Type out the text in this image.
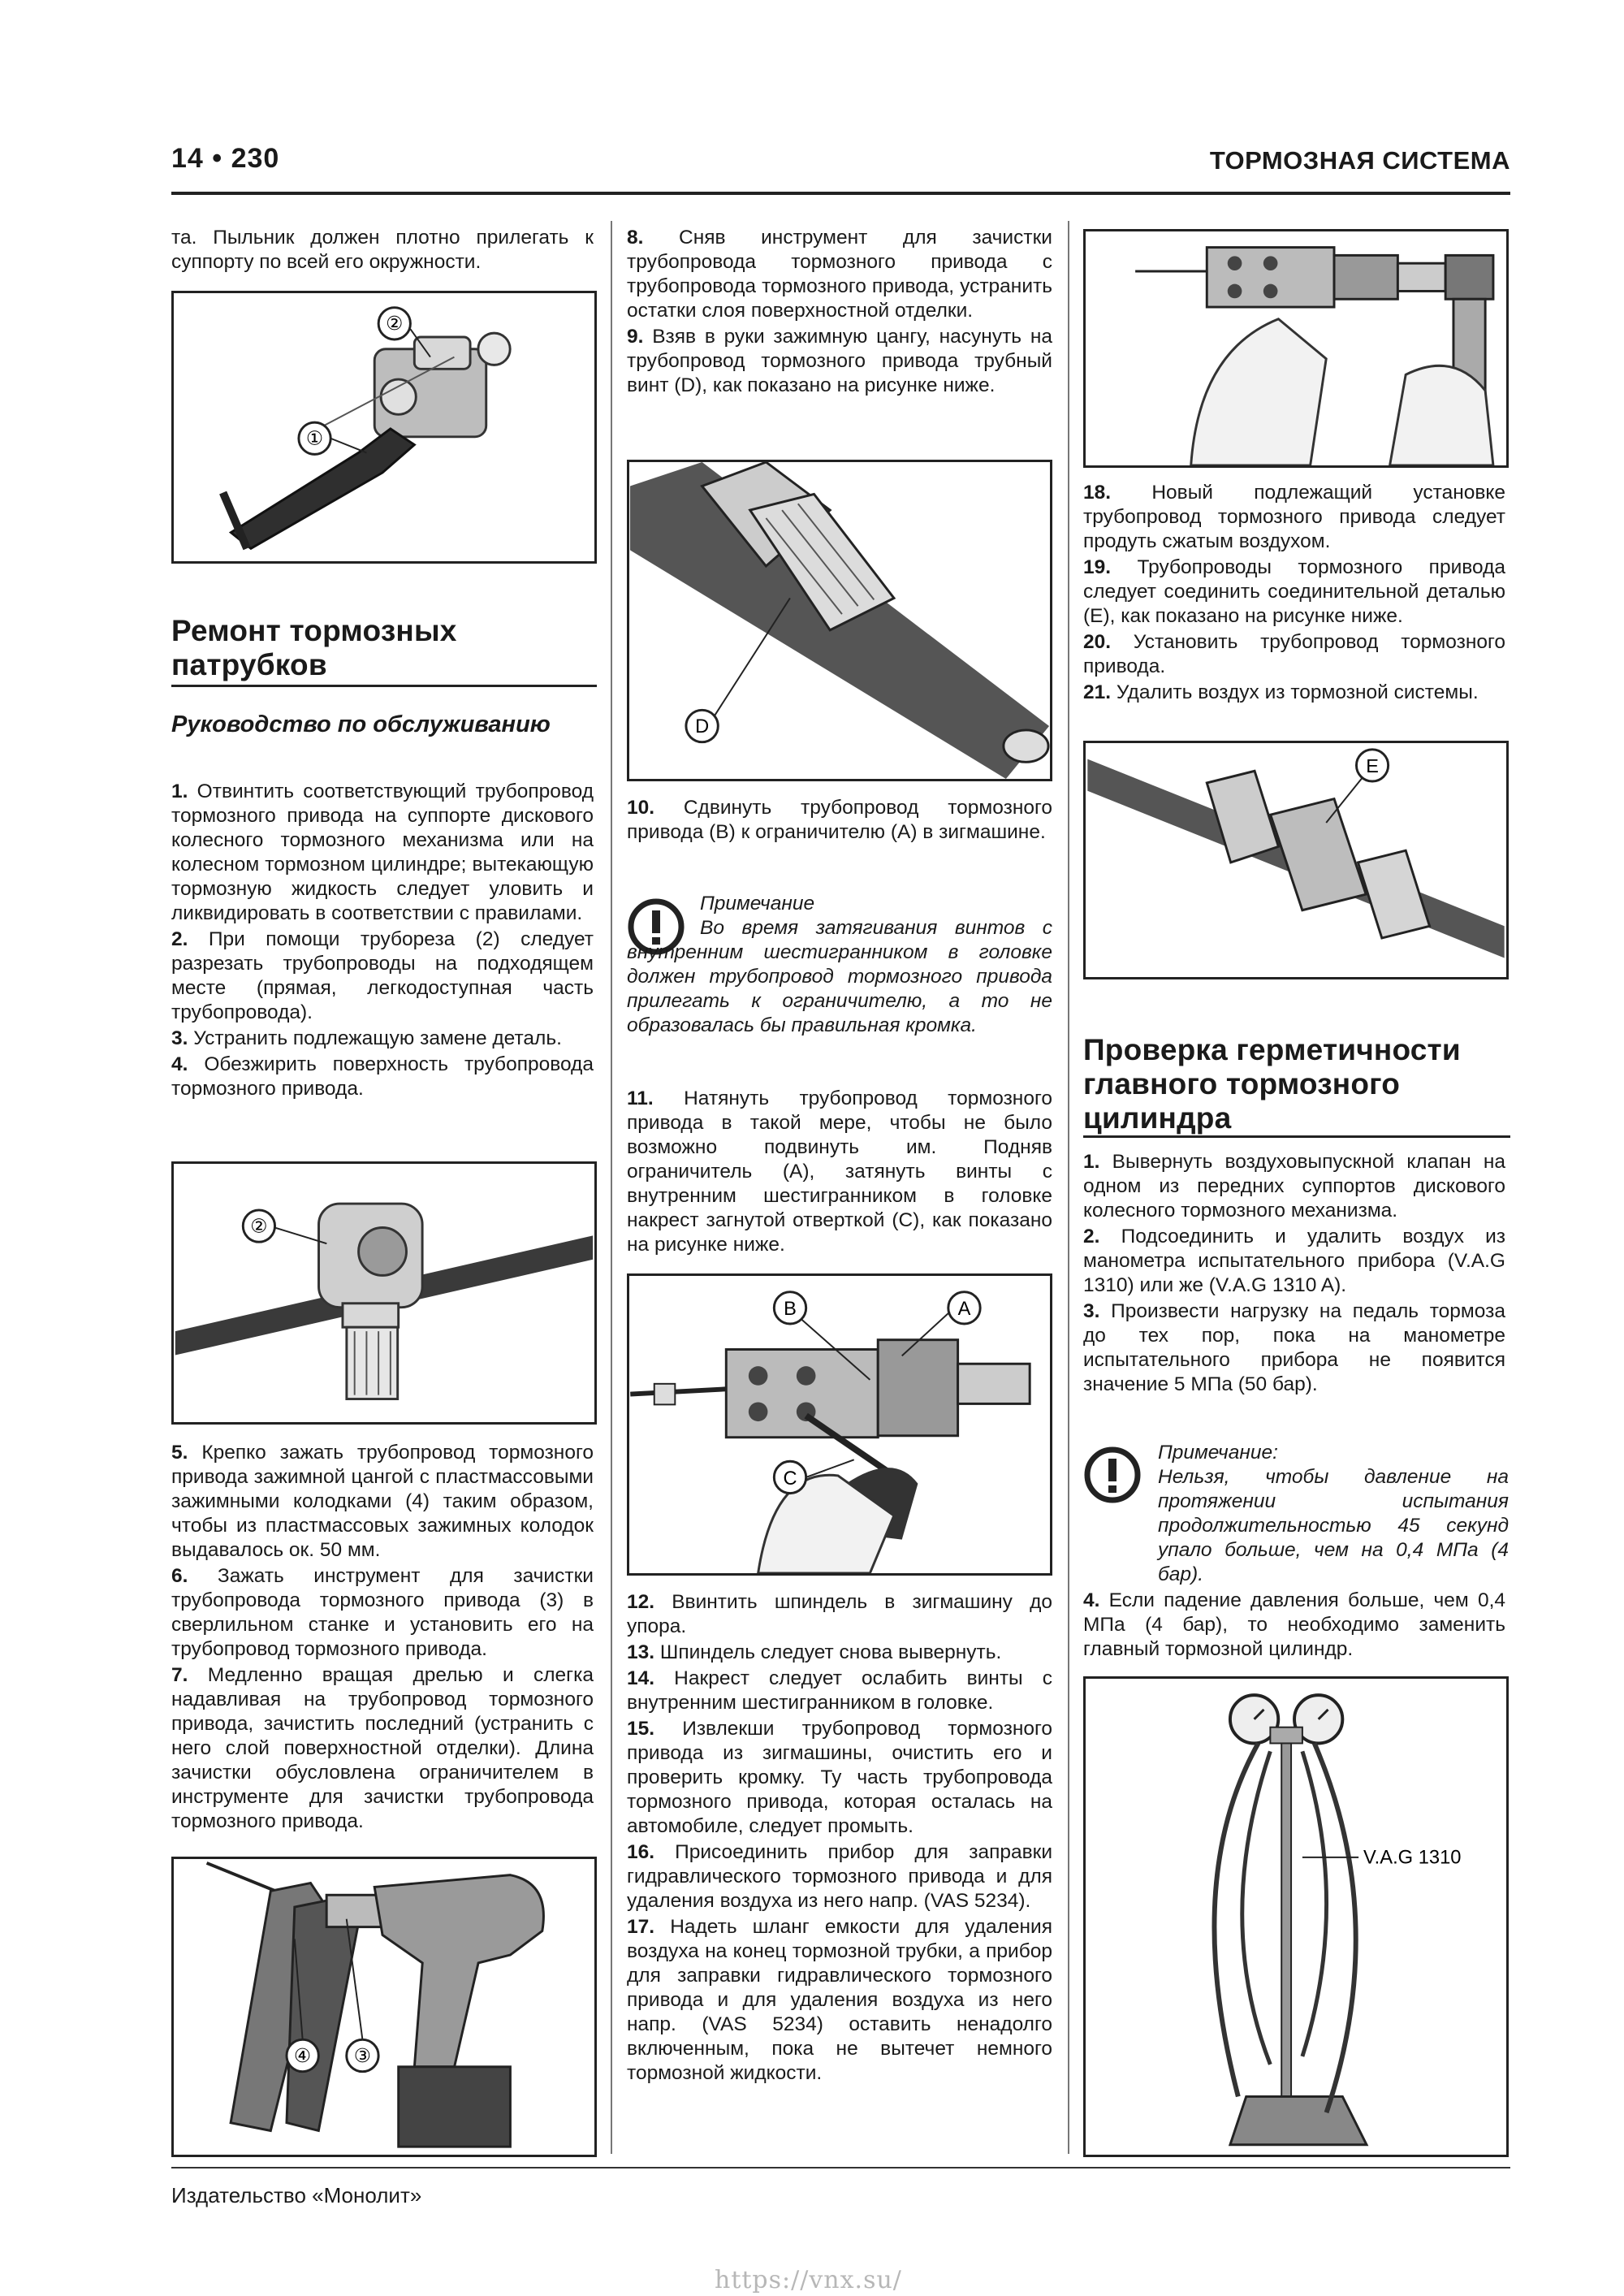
14 • 230	ТОРМОЗНАЯ СИСТЕМА

та. Пыльник должен плотно прилегать к суппорту по всей его окружности.

②
①
Ремонт тормозных патрубков
Руководство по обслуживанию

1. Отвинтить соответствующий трубопровод тормозного привода на суппорте дискового колесного тормозного механизма или на колесном тормозном цилиндре; вытекающую тормозную жидкость следует уловить и ликвидировать в соответствии с правилами.

2. При помощи трубореза (2) следует разрезать трубопроводы на подходящем месте (прямая, легкодоступная часть трубопровода).

3. Устранить подлежащую замене деталь.

4. Обезжирить поверхность трубопровода тормозного привода.

②

5. Крепко зажать трубопровод тормозного привода зажимной цангой с пластмассовыми зажимными колодками (4) таким образом, чтобы из пластмассовых зажимных колодок выдавалось ок. 50 мм.

6. Зажать инструмент для зачистки трубопровода тормозного привода (3) в сверлильном станке и установить его на трубопровод тормозного привода.

7. Медленно вращая дрелью и слегка надавливая на трубопровод тормозного привода, зачистить последний (устранить с него слой поверхностной отделки). Длина зачистки обусловлена ограничителем в инструменте для зачистки трубопровода тормозного привода.

④ ③

8. Сняв инструмент для зачистки трубопровода тормозного привода с трубопровода тормозного привода, устранить остатки слоя поверхностной отделки.

9. Взяв в руки зажимную цангу, насунуть на трубопровод тормозного привода трубный винт (D), как показано на рисунке ниже.

D

10. Сдвинуть трубопровод тормозного привода (B) к ограничителю (A) в зигмашине.

Примечание
Во время затягивания винтов с внутренним шестигранником в головке должен трубопровод тормозного привода прилегать к ограничителю, а то не образовалась бы правильная кромка.

11. Натянуть трубопровод тормозного привода в такой мере, чтобы не было возможно подвинуть им. Подняв ограничитель (A), затянуть винты с внутренним шестигранником в головке накрест загнутой отверткой (C), как показано на рисунке ниже.

B	A
C

12. Ввинтить шпиндель в зигмашину до упора.

13. Шпиндель следует снова вывернуть.

14. Накрест следует ослабить винты с внутренним шестигранником в головке.

15. Извлекши трубопровод тормозного привода из зигмашины, очистить его и проверить кромку. Ту часть трубопровода тормозного привода, которая осталась на автомобиле, следует промыть.

16. Присоединить прибор для заправки гидравлического тормозного привода и для удаления воздуха из него напр. (VAS 5234).

17. Надеть шланг емкости для удаления воздуха на конец тормозной трубки, а прибор для заправки гидравлического тормозного привода и для удаления воздуха из него напр. (VAS 5234) оставить ненадолго включенным, пока не вытечет немного тормозной жидкости.

18. Новый подлежащий установке трубопровод тормозного привода следует продуть сжатым воздухом.

19. Трубопроводы тормозного привода следует соединить соединительной деталью (E), как показано на рисунке ниже.

20. Установить трубопровод тормозного привода.

21. Удалить воздух из тормозной системы.

E
Проверка герметичности главного тормозного цилиндра

1. Вывернуть воздуховыпускной клапан на одном из передних суппортов дискового колесного тормозного механизма.

2. Подсоединить и удалить воздух из манометра испытательного прибора (V.A.G 1310) или же (V.A.G 1310 A).

3. Произвести нагрузку на педаль тормоза до тех пор, пока на манометре испытательного прибора не появится значение 5 МПа (50 бар).

Примечание:
Нельзя, чтобы давление на протяжении испытания продолжительностью 45 секунд упало больше, чем на 0,4 МПа (4 бар).

4. Если падение давления больше, чем 0,4 МПа (4 бар), то необходимо заменить главный тормозной цилиндр.

V.A.G 1310
Издательство «Монолит»
https://vnx.su/
